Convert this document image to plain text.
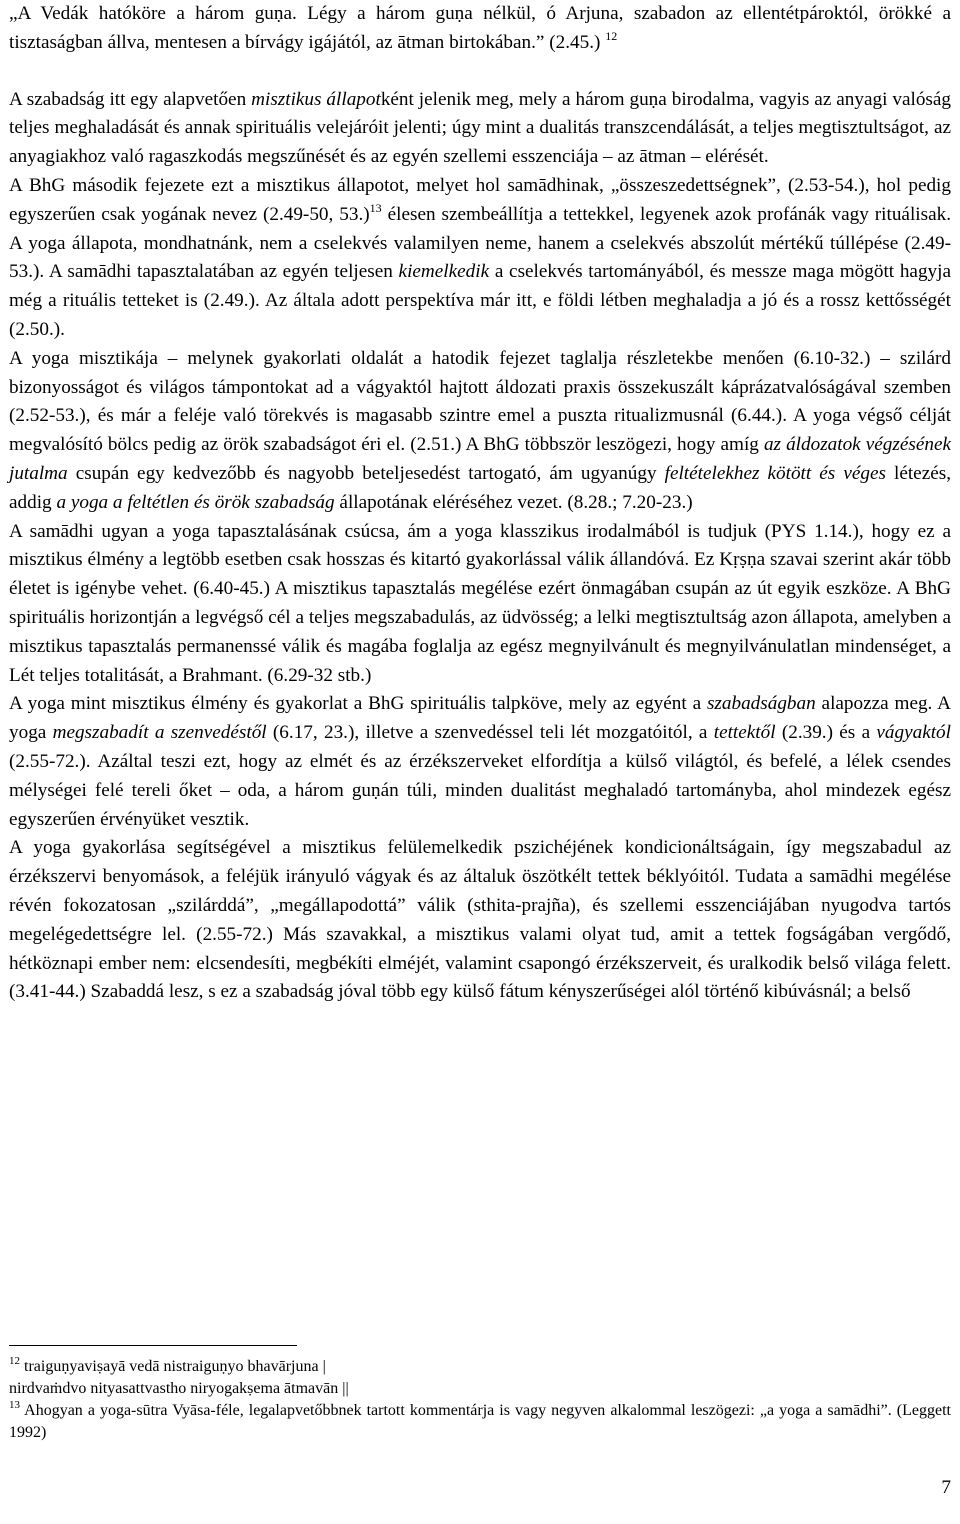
„A Vedák hatóköre a három guṇa. Légy a három guṇa nélkül, ó Arjuna, szabadon az ellentétpároktól, örökké a tisztaságban állva, mentesen a bírvágy igájától, az ātman birtokában.” (2.45.) $^{12}$

A szabadság itt egy alapvetően misztikus állapotként jelenik meg, mely a három guṇa birodalma, vagyis az anyagi valóság teljes meghaladását és annak spirituális velejáróit jelenti; úgy mint a dualitás transzcendálását, a teljes megtisztultságot, az anyagiakhoz való ragaszkodás megszűnését és az egyén szellemi esszenciája – az ātman – elérését.

A BhG második fejezete ezt a misztikus állapotot, melyet hol samādhinak, „összeszedettségnek”, (2.53-54.), hol pedig egyszerűen csak yogának nevez (2.49-50, 53.)$^{13}$ élesen szembeállítja a tettekkel, legyenek azok profánák vagy rituálisak. A yoga állapota, mondhatnánk, nem a cselekvés valamilyen neme, hanem a cselekvés abszolút mértékű túllépése (2.49-53.). A samādhi tapasztalatában az egyén teljesen kiemelkedik a cselekvés tartományából, és messze maga mögött hagyja még a rituális tetteket is (2.49.). Az általa adott perspektíva már itt, e földi létben meghaladja a jó és a rossz kettősségét (2.50.).

A yoga misztikája – melynek gyakorlati oldalát a hatodik fejezet taglalja részletekbe menően (6.10-32.) – szilárd bizonyosságot és világos támpontokat ad a vágyaktól hajtott áldozati praxis összekuszált káprázatvalóságával szemben (2.52-53.), és már a feléje való törekvés is magasabb szintre emel a puszta ritualizmusnál (6.44.). A yoga végső célját megvalósító bölcs pedig az örök szabadságot éri el. (2.51.) A BhG többször leszögezi, hogy amíg az áldozatok végzésének jutalma csupán egy kedvezőbb és nagyobb beteljesedést tartogató, ám ugyanúgy feltételekhez kötött és véges létezés, addig a yoga a feltétlen és örök szabadság állapotának eléréséhez vezet. (8.28.; 7.20-23.)

A samādhi ugyan a yoga tapasztalásának csúcsa, ám a yoga klasszikus irodalmából is tudjuk (PYS 1.14.), hogy ez a misztikus élmény a legtöbb esetben csak hosszas és kitartó gyakorlással válik állandóvá. Ez Kṛṣṇa szavai szerint akár több életet is igénybe vehet. (6.40-45.) A misztikus tapasztalás megélése ezért önmagában csupán az út egyik eszköze. A BhG spirituális horizontján a legvégső cél a teljes megszabadulás, az üdvösség; a lelki megtisztultság azon állapota, amelyben a misztikus tapasztalás permanenssé válik és magába foglalja az egész megnyilvánult és megnyilvánulatlan mindenséget, a Lét teljes totalitását, a Brahmant. (6.29-32 stb.)

A yoga mint misztikus élmény és gyakorlat a BhG spirituális talpköve, mely az egyént a szabadságban alapozza meg. A yoga megszabadít a szenvedéstől (6.17, 23.), illetve a szenvedéssel teli lét mozgatóitól, a tettektől (2.39.) és a vágyaktól (2.55-72.). Azáltal teszi ezt, hogy az elmét és az érzékszerveket elfordítja a külső világtól, és befelé, a lélek csendes mélységei felé tereli őket – oda, a három guṇán túli, minden dualitást meghaladó tartományba, ahol mindezek egész egyszerűen érvényüket vesztik.

A yoga gyakorlása segítségével a misztikus felülemelkedik pszichéjének kondicionáltságain, így megszabadul az érzékszervi benyomások, a feléjük irányuló vágyak és az általuk öszötkélt tettek béklyóitól. Tudata a samādhi megélése révén fokozatosan „szilárddá”, „megállapodottá” válik (sthita-prajña), és szellemi esszenciájában nyugodva tartós megelégedettségre lel. (2.55-72.) Más szavakkal, a misztikus valami olyat tud, amit a tettek fogságában vergődő, hétköznapi ember nem: elcsendesíti, megbékíti elméjét, valamint csapongó érzékszerveit, és uralkodik belső világa felett. (3.41-44.) Szabaddá lesz, s ez a szabadság jóval több egy külső fátum kényszerűségei alól történő kibúvásnál; a belső

$^{12}$ traiguṇyaviṣayā vedā nistraiguṇyo bhavārjuna |

nirdvaṁdvo nityasattvastho niryogakṣema ātmavān ||

$^{13}$ Ahogyan a yoga-sūtra Vyāsa-féle, legalapvetőbbnek tartott kommentárja is vagy negyven alkalommal leszögezi: „a yoga a samādhi”. (Leggett 1992)

7
